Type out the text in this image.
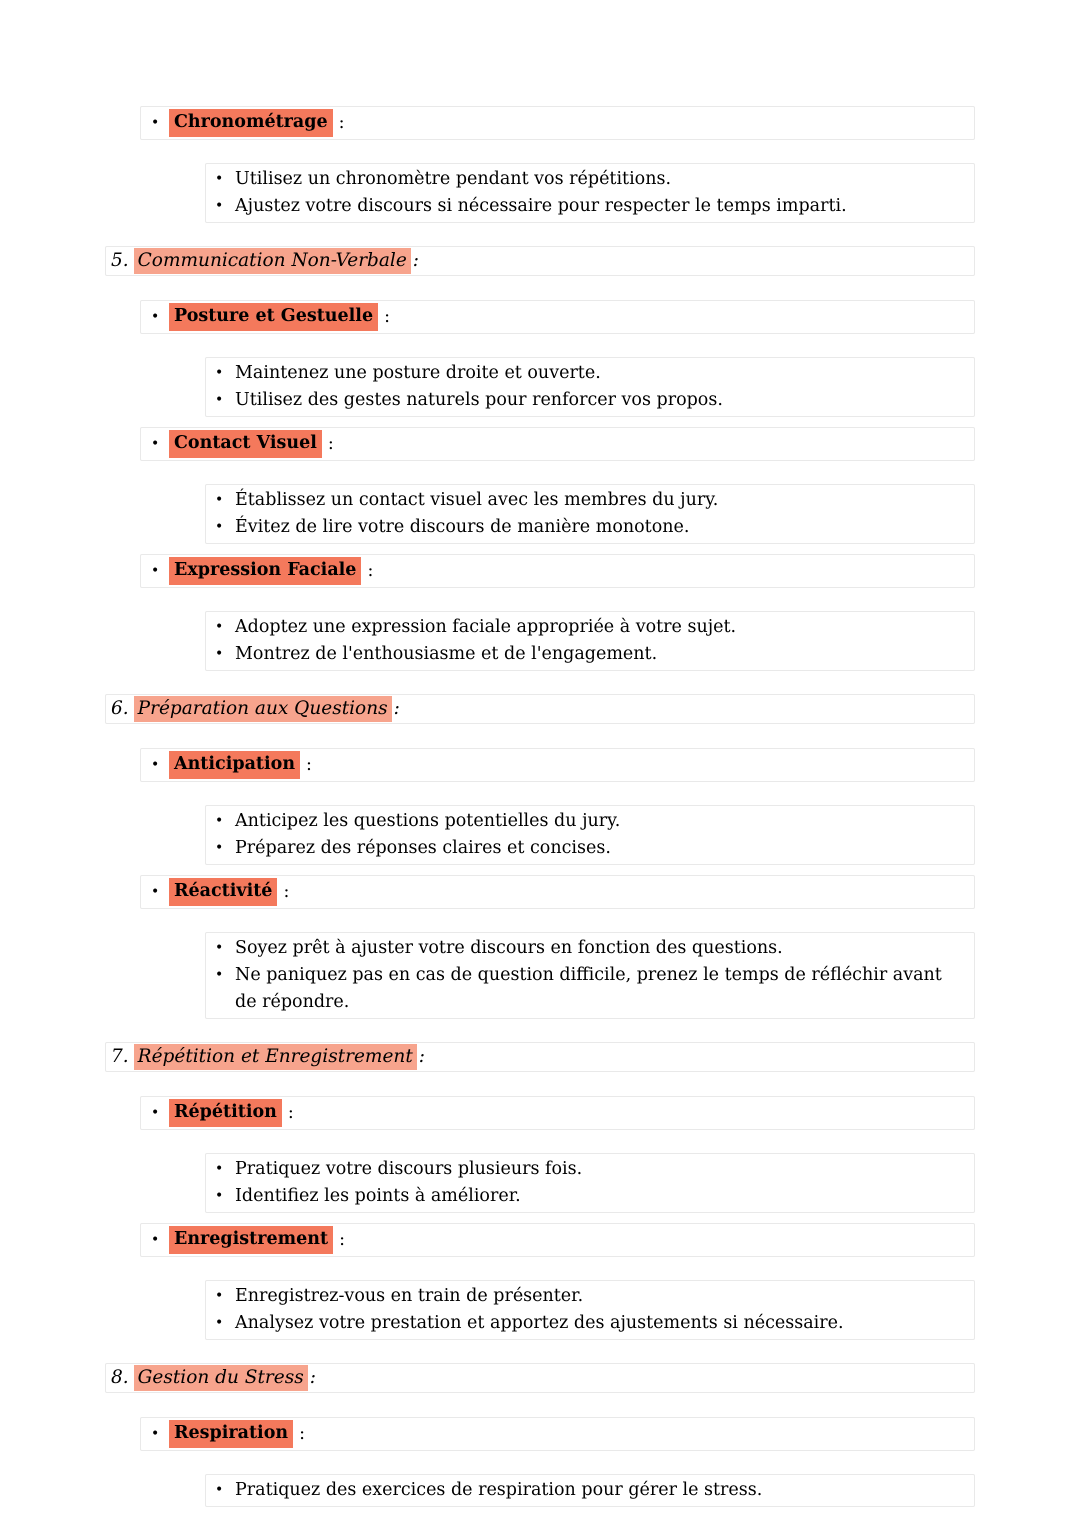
• Chronométrage :
• Utilisez un chronomètre pendant vos répétitions.
• Ajustez votre discours si nécessaire pour respecter le temps imparti.
5. Communication Non-Verbale :
• Posture et Gestuelle :
• Maintenez une posture droite et ouverte.
• Utilisez des gestes naturels pour renforcer vos propos.
• Contact Visuel :
• Établissez un contact visuel avec les membres du jury.
• Évitez de lire votre discours de manière monotone.
• Expression Faciale :
• Adoptez une expression faciale appropriée à votre sujet.
• Montrez de l'enthousiasme et de l'engagement.
6. Préparation aux Questions :
• Anticipation :
• Anticipez les questions potentielles du jury.
• Préparez des réponses claires et concises.
• Réactivité :
• Soyez prêt à ajuster votre discours en fonction des questions.
• Ne paniquez pas en cas de question difficile, prenez le temps de réfléchir avant de répondre.
7. Répétition et Enregistrement :
• Répétition :
• Pratiquez votre discours plusieurs fois.
• Identifiez les points à améliorer.
• Enregistrement :
• Enregistrez-vous en train de présenter.
• Analysez votre prestation et apportez des ajustements si nécessaire.
8. Gestion du Stress :
• Respiration :
• Pratiquez des exercices de respiration pour gérer le stress.
